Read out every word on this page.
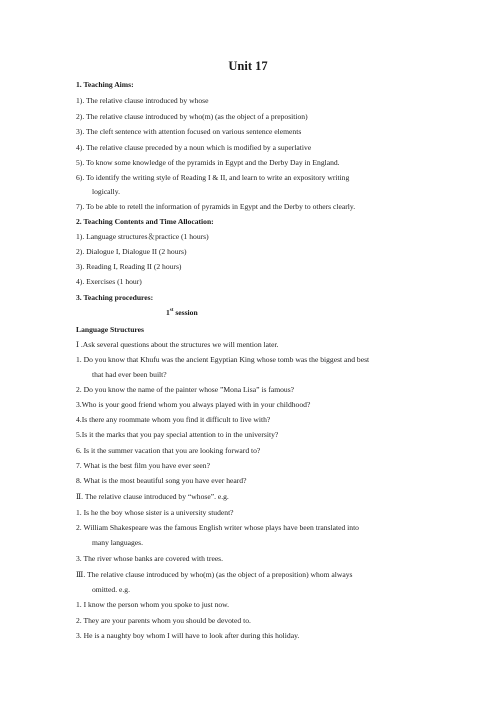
Unit 17
1. Teaching Aims:
1). The relative clause introduced by whose
2). The relative clause introduced by who(m) (as the object of a preposition)
3). The cleft sentence with attention focused on various sentence elements
4). The relative clause preceded by a noun which is modified by a superlative
5). To know some knowledge of the pyramids in Egypt and the Derby Day in England.
6). To identify the writing style of Reading I & II, and learn to write an expository writing
logically.
7). To be able to retell the information of pyramids in Egypt and the Derby to others clearly.
2. Teaching Contents and Time Allocation:
1). Language structures＆practice (1 hours)
2). Dialogue I, Dialogue II (2 hours)
3). Reading I, Reading II (2 hours)
4). Exercises (1 hour)
3. Teaching procedures:
1st session
Language Structures
Ⅰ .Ask several questions about the structures we will mention later.
1. Do you know that Khufu was the ancient Egyptian King whose tomb was the biggest and best
that had ever been built?
2. Do you know the name of the painter whose ”Mona Lisa” is famous?
3.Who is your good friend whom you always played with in your childhood?
4.Is there any roommate whom you find it difficult to live with?
5.Is it the marks that you pay special attention to in the university?
6. Is it the summer vacation that you are looking forward to?
7. What is the best film you have ever seen?
8. What is the most beautiful song you have ever heard?
Ⅱ. The relative clause introduced by “whose”. e.g.
1. Is he the boy whose sister is a university student?
2. William Shakespeare was the famous English writer whose plays have been translated into
many languages.
3. The river whose banks are covered with trees.
Ⅲ. The relative clause introduced by who(m) (as the object of a preposition) whom always
omitted. e.g.
1. I know the person whom you spoke to just now.
2. They are your parents whom you should be devoted to.
3. He is a naughty boy whom I will have to look after during this holiday.
